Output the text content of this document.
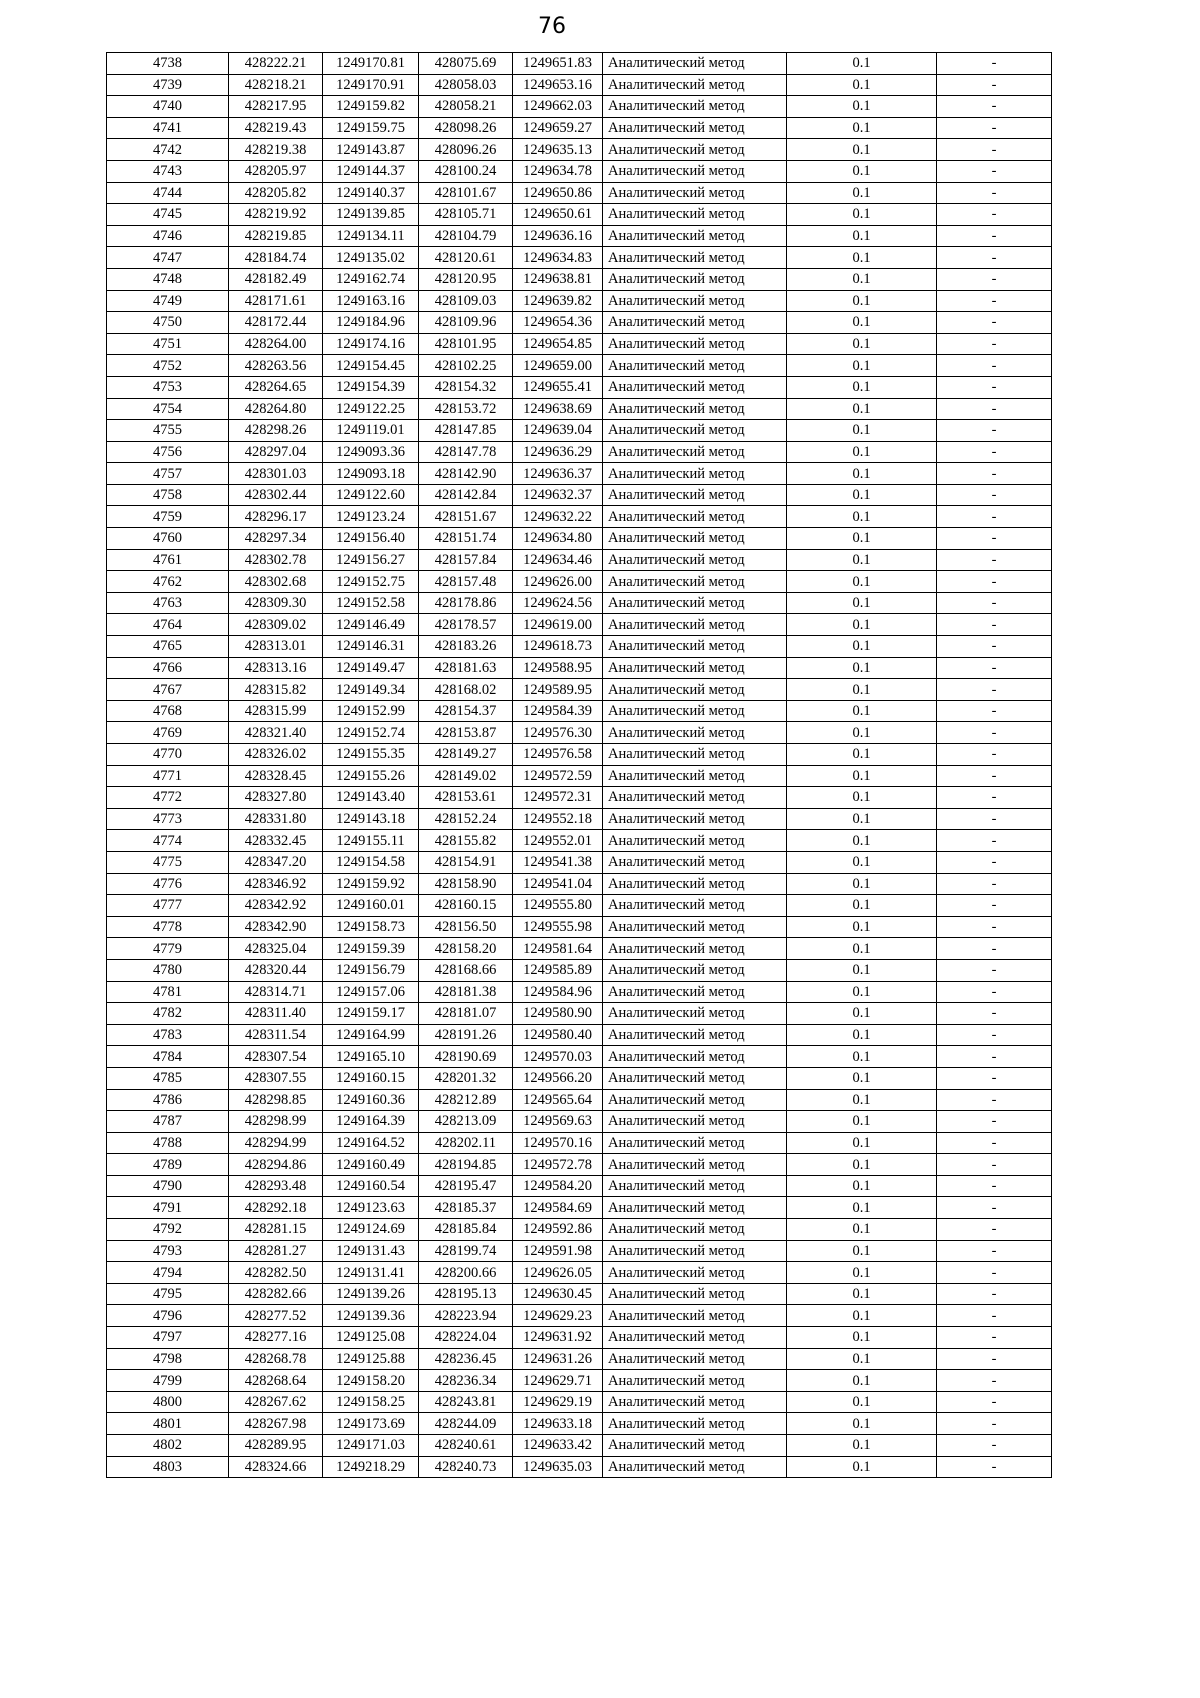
76
4738	428222.21	1249170.81	428075.69	1249651.83	Аналитический метод	0.1	-
4739	428218.21	1249170.91	428058.03	1249653.16	Аналитический метод	0.1	-
4740	428217.95	1249159.82	428058.21	1249662.03	Аналитический метод	0.1	-
4741	428219.43	1249159.75	428098.26	1249659.27	Аналитический метод	0.1	-
4742	428219.38	1249143.87	428096.26	1249635.13	Аналитический метод	0.1	-
4743	428205.97	1249144.37	428100.24	1249634.78	Аналитический метод	0.1	-
4744	428205.82	1249140.37	428101.67	1249650.86	Аналитический метод	0.1	-
4745	428219.92	1249139.85	428105.71	1249650.61	Аналитический метод	0.1	-
4746	428219.85	1249134.11	428104.79	1249636.16	Аналитический метод	0.1	-
4747	428184.74	1249135.02	428120.61	1249634.83	Аналитический метод	0.1	-
4748	428182.49	1249162.74	428120.95	1249638.81	Аналитический метод	0.1	-
4749	428171.61	1249163.16	428109.03	1249639.82	Аналитический метод	0.1	-
4750	428172.44	1249184.96	428109.96	1249654.36	Аналитический метод	0.1	-
4751	428264.00	1249174.16	428101.95	1249654.85	Аналитический метод	0.1	-
4752	428263.56	1249154.45	428102.25	1249659.00	Аналитический метод	0.1	-
4753	428264.65	1249154.39	428154.32	1249655.41	Аналитический метод	0.1	-
4754	428264.80	1249122.25	428153.72	1249638.69	Аналитический метод	0.1	-
4755	428298.26	1249119.01	428147.85	1249639.04	Аналитический метод	0.1	-
4756	428297.04	1249093.36	428147.78	1249636.29	Аналитический метод	0.1	-
4757	428301.03	1249093.18	428142.90	1249636.37	Аналитический метод	0.1	-
4758	428302.44	1249122.60	428142.84	1249632.37	Аналитический метод	0.1	-
4759	428296.17	1249123.24	428151.67	1249632.22	Аналитический метод	0.1	-
4760	428297.34	1249156.40	428151.74	1249634.80	Аналитический метод	0.1	-
4761	428302.78	1249156.27	428157.84	1249634.46	Аналитический метод	0.1	-
4762	428302.68	1249152.75	428157.48	1249626.00	Аналитический метод	0.1	-
4763	428309.30	1249152.58	428178.86	1249624.56	Аналитический метод	0.1	-
4764	428309.02	1249146.49	428178.57	1249619.00	Аналитический метод	0.1	-
4765	428313.01	1249146.31	428183.26	1249618.73	Аналитический метод	0.1	-
4766	428313.16	1249149.47	428181.63	1249588.95	Аналитический метод	0.1	-
4767	428315.82	1249149.34	428168.02	1249589.95	Аналитический метод	0.1	-
4768	428315.99	1249152.99	428154.37	1249584.39	Аналитический метод	0.1	-
4769	428321.40	1249152.74	428153.87	1249576.30	Аналитический метод	0.1	-
4770	428326.02	1249155.35	428149.27	1249576.58	Аналитический метод	0.1	-
4771	428328.45	1249155.26	428149.02	1249572.59	Аналитический метод	0.1	-
4772	428327.80	1249143.40	428153.61	1249572.31	Аналитический метод	0.1	-
4773	428331.80	1249143.18	428152.24	1249552.18	Аналитический метод	0.1	-
4774	428332.45	1249155.11	428155.82	1249552.01	Аналитический метод	0.1	-
4775	428347.20	1249154.58	428154.91	1249541.38	Аналитический метод	0.1	-
4776	428346.92	1249159.92	428158.90	1249541.04	Аналитический метод	0.1	-
4777	428342.92	1249160.01	428160.15	1249555.80	Аналитический метод	0.1	-
4778	428342.90	1249158.73	428156.50	1249555.98	Аналитический метод	0.1	-
4779	428325.04	1249159.39	428158.20	1249581.64	Аналитический метод	0.1	-
4780	428320.44	1249156.79	428168.66	1249585.89	Аналитический метод	0.1	-
4781	428314.71	1249157.06	428181.38	1249584.96	Аналитический метод	0.1	-
4782	428311.40	1249159.17	428181.07	1249580.90	Аналитический метод	0.1	-
4783	428311.54	1249164.99	428191.26	1249580.40	Аналитический метод	0.1	-
4784	428307.54	1249165.10	428190.69	1249570.03	Аналитический метод	0.1	-
4785	428307.55	1249160.15	428201.32	1249566.20	Аналитический метод	0.1	-
4786	428298.85	1249160.36	428212.89	1249565.64	Аналитический метод	0.1	-
4787	428298.99	1249164.39	428213.09	1249569.63	Аналитический метод	0.1	-
4788	428294.99	1249164.52	428202.11	1249570.16	Аналитический метод	0.1	-
4789	428294.86	1249160.49	428194.85	1249572.78	Аналитический метод	0.1	-
4790	428293.48	1249160.54	428195.47	1249584.20	Аналитический метод	0.1	-
4791	428292.18	1249123.63	428185.37	1249584.69	Аналитический метод	0.1	-
4792	428281.15	1249124.69	428185.84	1249592.86	Аналитический метод	0.1	-
4793	428281.27	1249131.43	428199.74	1249591.98	Аналитический метод	0.1	-
4794	428282.50	1249131.41	428200.66	1249626.05	Аналитический метод	0.1	-
4795	428282.66	1249139.26	428195.13	1249630.45	Аналитический метод	0.1	-
4796	428277.52	1249139.36	428223.94	1249629.23	Аналитический метод	0.1	-
4797	428277.16	1249125.08	428224.04	1249631.92	Аналитический метод	0.1	-
4798	428268.78	1249125.88	428236.45	1249631.26	Аналитический метод	0.1	-
4799	428268.64	1249158.20	428236.34	1249629.71	Аналитический метод	0.1	-
4800	428267.62	1249158.25	428243.81	1249629.19	Аналитический метод	0.1	-
4801	428267.98	1249173.69	428244.09	1249633.18	Аналитический метод	0.1	-
4802	428289.95	1249171.03	428240.61	1249633.42	Аналитический метод	0.1	-
4803	428324.66	1249218.29	428240.73	1249635.03	Аналитический метод	0.1	-
